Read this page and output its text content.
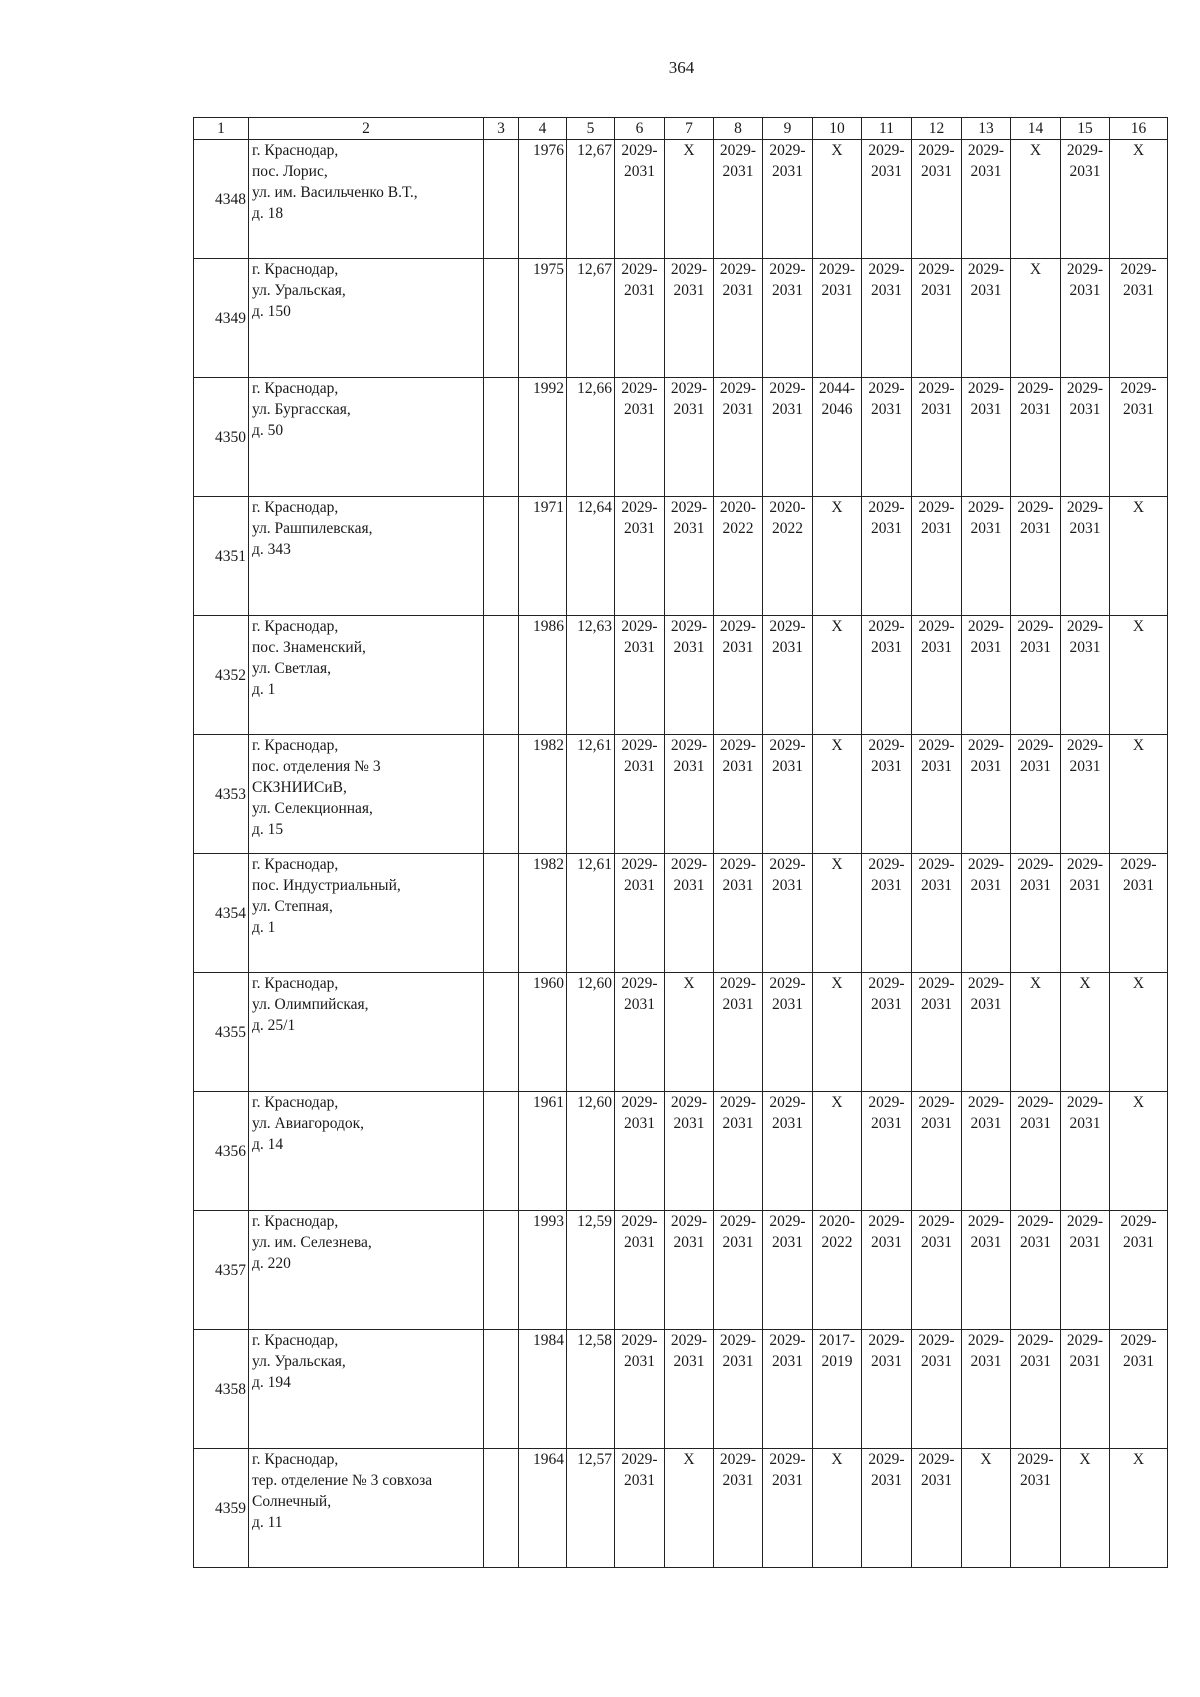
364
1	2	3	4	5	6	7	8	9	10	11	12	13	14	15	16
4348	г. Краснодар,
пос. Лорис,
ул. им. Васильченко В.Т.,
д. 18		1976	12,67	2029-
2031	Х	2029-
2031	2029-
2031	Х	2029-
2031	2029-
2031	2029-
2031	Х	2029-
2031	Х
4349	г. Краснодар,
ул. Уральская,
д. 150		1975	12,67	2029-
2031	2029-
2031	2029-
2031	2029-
2031	2029-
2031	2029-
2031	2029-
2031	2029-
2031	Х	2029-
2031	2029-
2031
4350	г. Краснодар,
ул. Бургасская,
д. 50		1992	12,66	2029-
2031	2029-
2031	2029-
2031	2029-
2031	2044-
2046	2029-
2031	2029-
2031	2029-
2031	2029-
2031	2029-
2031	2029-
2031
4351	г. Краснодар,
ул. Рашпилевская,
д. 343		1971	12,64	2029-
2031	2029-
2031	2020-
2022	2020-
2022	Х	2029-
2031	2029-
2031	2029-
2031	2029-
2031	2029-
2031	Х
4352	г. Краснодар,
пос. Знаменский,
ул. Светлая,
д. 1		1986	12,63	2029-
2031	2029-
2031	2029-
2031	2029-
2031	Х	2029-
2031	2029-
2031	2029-
2031	2029-
2031	2029-
2031	Х
4353	г. Краснодар,
пос. отделения № 3
СКЗНИИСиВ,
ул. Селекционная,
д. 15		1982	12,61	2029-
2031	2029-
2031	2029-
2031	2029-
2031	Х	2029-
2031	2029-
2031	2029-
2031	2029-
2031	2029-
2031	Х
4354	г. Краснодар,
пос. Индустриальный,
ул. Степная,
д. 1		1982	12,61	2029-
2031	2029-
2031	2029-
2031	2029-
2031	Х	2029-
2031	2029-
2031	2029-
2031	2029-
2031	2029-
2031	2029-
2031
4355	г. Краснодар,
ул. Олимпийская,
д. 25/1		1960	12,60	2029-
2031	Х	2029-
2031	2029-
2031	Х	2029-
2031	2029-
2031	2029-
2031	Х	Х	Х
4356	г. Краснодар,
ул. Авиагородок,
д. 14		1961	12,60	2029-
2031	2029-
2031	2029-
2031	2029-
2031	Х	2029-
2031	2029-
2031	2029-
2031	2029-
2031	2029-
2031	Х
4357	г. Краснодар,
ул. им. Селезнева,
д. 220		1993	12,59	2029-
2031	2029-
2031	2029-
2031	2029-
2031	2020-
2022	2029-
2031	2029-
2031	2029-
2031	2029-
2031	2029-
2031	2029-
2031
4358	г. Краснодар,
ул. Уральская,
д. 194		1984	12,58	2029-
2031	2029-
2031	2029-
2031	2029-
2031	2017-
2019	2029-
2031	2029-
2031	2029-
2031	2029-
2031	2029-
2031	2029-
2031
4359	г. Краснодар,
тер. отделение № 3 совхоза
Солнечный,
д. 11		1964	12,57	2029-
2031	Х	2029-
2031	2029-
2031	Х	2029-
2031	2029-
2031	Х	2029-
2031	Х	Х
